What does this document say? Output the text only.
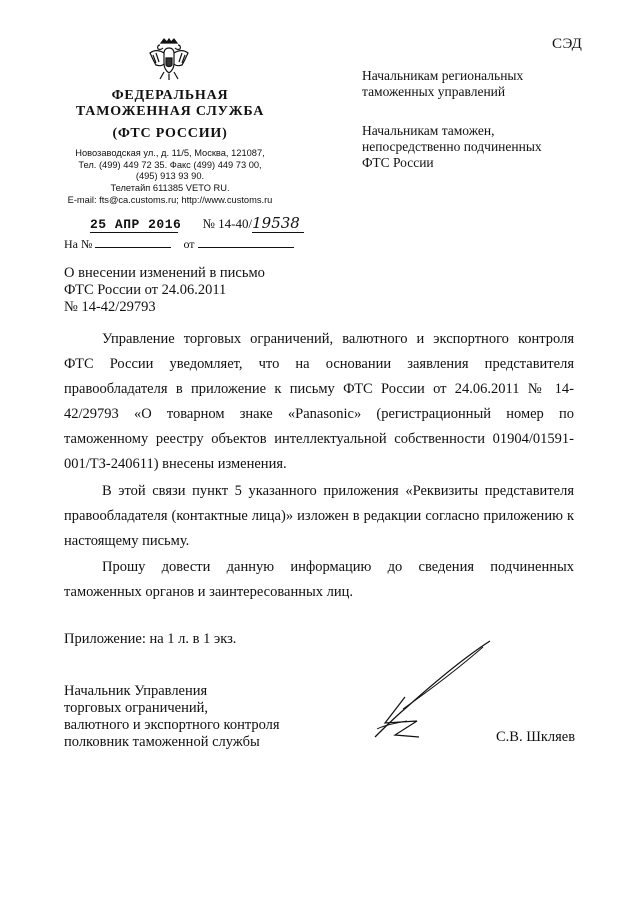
СЭД
ФЕДЕРАЛЬНАЯ
ТАМОЖЕННАЯ СЛУЖБА
(ФТС РОССИИ)
Новозаводская ул., д. 11/5, Москва, 121087,
Тел. (499) 449 72 35. Факс (499) 449 73 00,
(495) 913 93 90.
Телетайп 611385 VETO RU.
E-mail: fts@ca.customs.ru; http://www.customs.ru
25 АПР 2016 № 14-40/19538
На №	от
Начальникам региональных
таможенных управлений
Начальникам таможен,
непосредственно подчиненных
ФТС России
О внесении изменений в письмо
ФТС России от 24.06.2011
№ 14-42/29793
Управление торговых ограничений, валютного и экспортного контроля ФТС России уведомляет, что на основании заявления представителя правообладателя в приложение к письму ФТС России от 24.06.2011 № 14-42/29793 «О товарном знаке «Panasonic» (регистрационный номер по таможенному реестру объектов интеллектуальной собственности 01904/01591-001/ТЗ-240611) внесены изменения.
В этой связи пункт 5 указанного приложения «Реквизиты представителя правообладателя (контактные лица)» изложен в редакции согласно приложению к настоящему письму.
Прошу довести данную информацию до сведения подчиненных таможенных органов и заинтересованных лиц.
Приложение: на 1 л. в 1 экз.
Начальник Управления
торговых ограничений,
валютного и экспортного контроля
полковник таможенной службы	С.В. Шкляев
